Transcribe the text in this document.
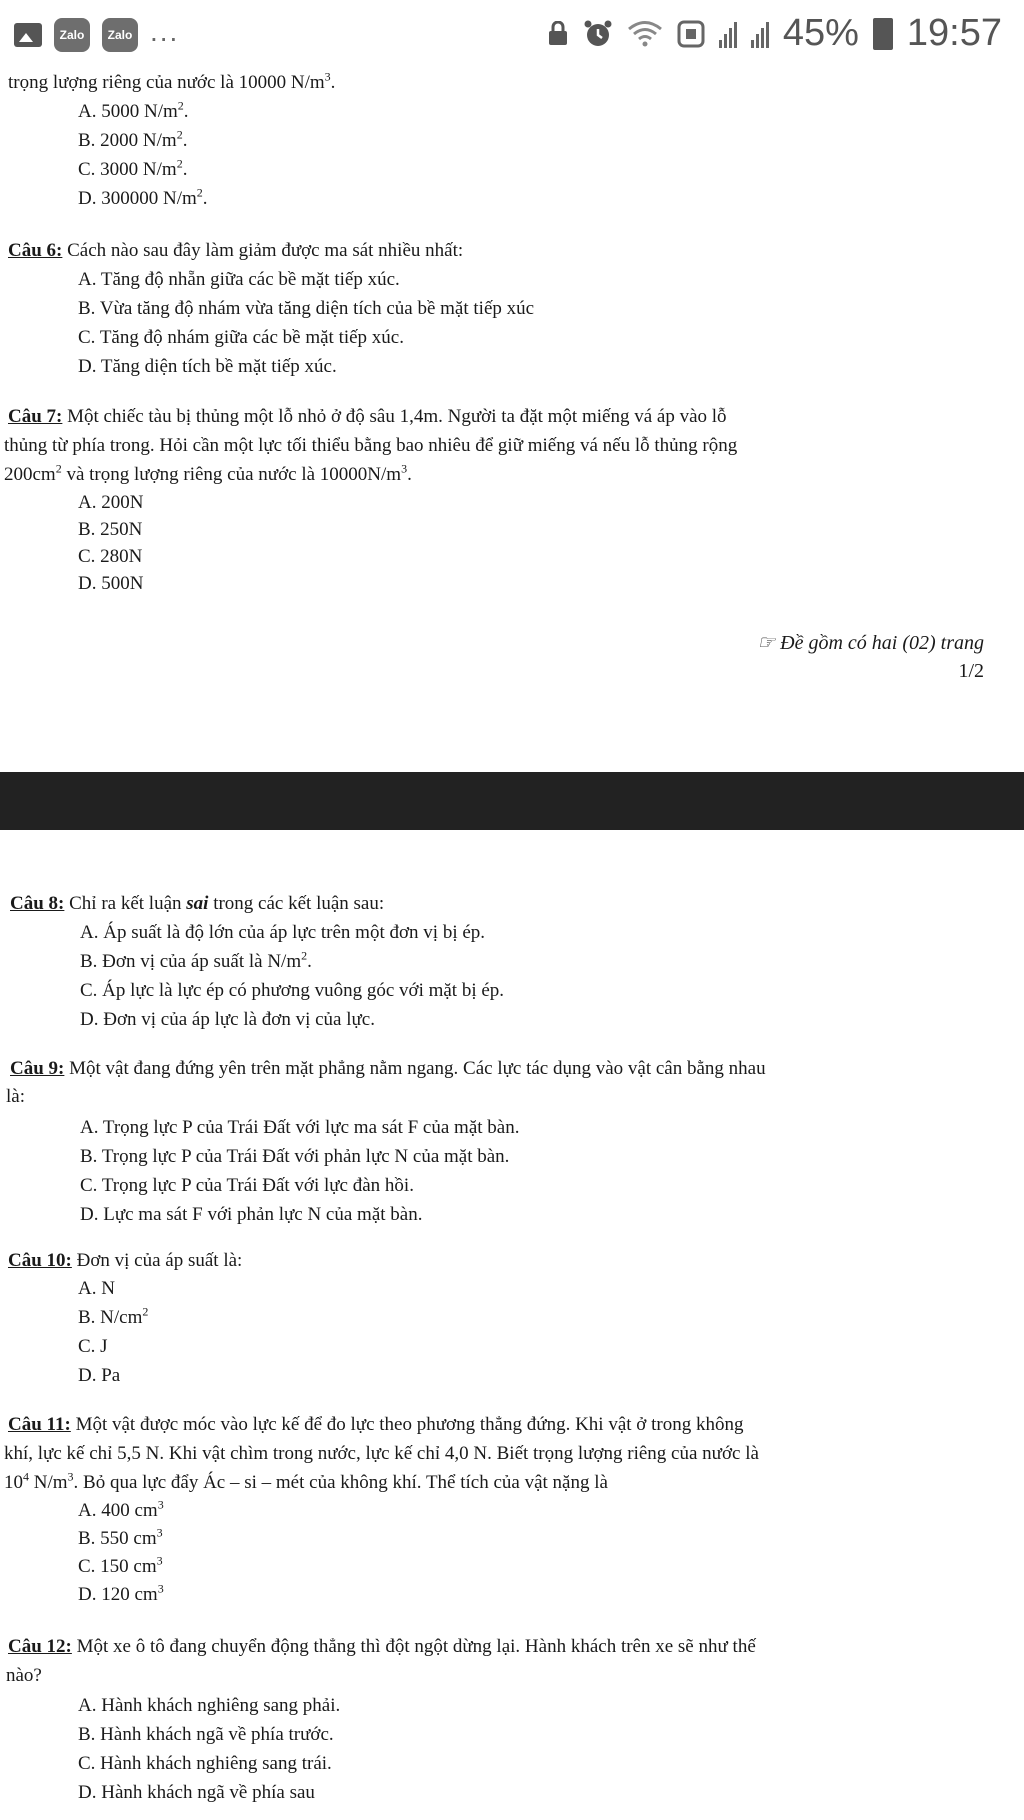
Zalo	Zalo ...	45% 19:57
trọng lượng riêng của nước là 10000 $N/m^3$.
A. 5000 $N/m^2$.
B. 2000 $N/m^2$.
C. 3000 $N/m^2$.
D. 300000 $N/m^2$.
Câu 6: Cách nào sau đây làm giảm được ma sát nhiều nhất:
A. Tăng độ nhẵn giữa các bề mặt tiếp xúc.
B. Vừa tăng độ nhám vừa tăng diện tích của bề mặt tiếp xúc
C. Tăng độ nhám giữa các bề mặt tiếp xúc.
D. Tăng diện tích bề mặt tiếp xúc.
Câu 7: Một chiếc tàu bị thủng một lỗ nhỏ ở độ sâu 1,4m. Người ta đặt một miếng vá áp vào lỗ
thủng từ phía trong. Hỏi cần một lực tối thiểu bằng bao nhiêu để giữ miếng vá nếu lỗ thủng rộng
$200cm^2$ và trọng lượng riêng của nước là $10000N/m^3$.
A. 200N
B. 250N
C. 280N
D. 500N
☞ Đề gồm có hai (02) trang
1/2
Câu 8: Chỉ ra kết luận sai trong các kết luận sau:
A. Áp suất là độ lớn của áp lực trên một đơn vị bị ép.
B. Đơn vị của áp suất là $N/m^2$.
C. Áp lực là lực ép có phương vuông góc với mặt bị ép.
D. Đơn vị của áp lực là đơn vị của lực.
Câu 9: Một vật đang đứng yên trên mặt phẳng nằm ngang. Các lực tác dụng vào vật cân bằng nhau
là:
A. Trọng lực P của Trái Đất với lực ma sát F của mặt bàn.
B. Trọng lực P của Trái Đất với phản lực N của mặt bàn.
C. Trọng lực P của Trái Đất với lực đàn hồi.
D. Lực ma sát F với phản lực N của mặt bàn.
Câu 10: Đơn vị của áp suất là:
A. N
B. $N/cm^2$
C. J
D. Pa
Câu 11: Một vật được móc vào lực kế để đo lực theo phương thẳng đứng. Khi vật ở trong không
khí, lực kế chỉ 5,5 N. Khi vật chìm trong nước, lực kế chỉ 4,0 N. Biết trọng lượng riêng của nước là
$10^4$ $N/m^3$. Bỏ qua lực đẩy Ác – si – mét của không khí. Thể tích của vật nặng là
A. 400 $cm^3$
B. 550 $cm^3$
C. 150 $cm^3$
D. 120 $cm^3$
Câu 12: Một xe ô tô đang chuyển động thẳng thì đột ngột dừng lại. Hành khách trên xe sẽ như thế
nào?
A. Hành khách nghiêng sang phải.
B. Hành khách ngã về phía trước.
C. Hành khách nghiêng sang trái.
D. Hành khách ngã về phía sau
